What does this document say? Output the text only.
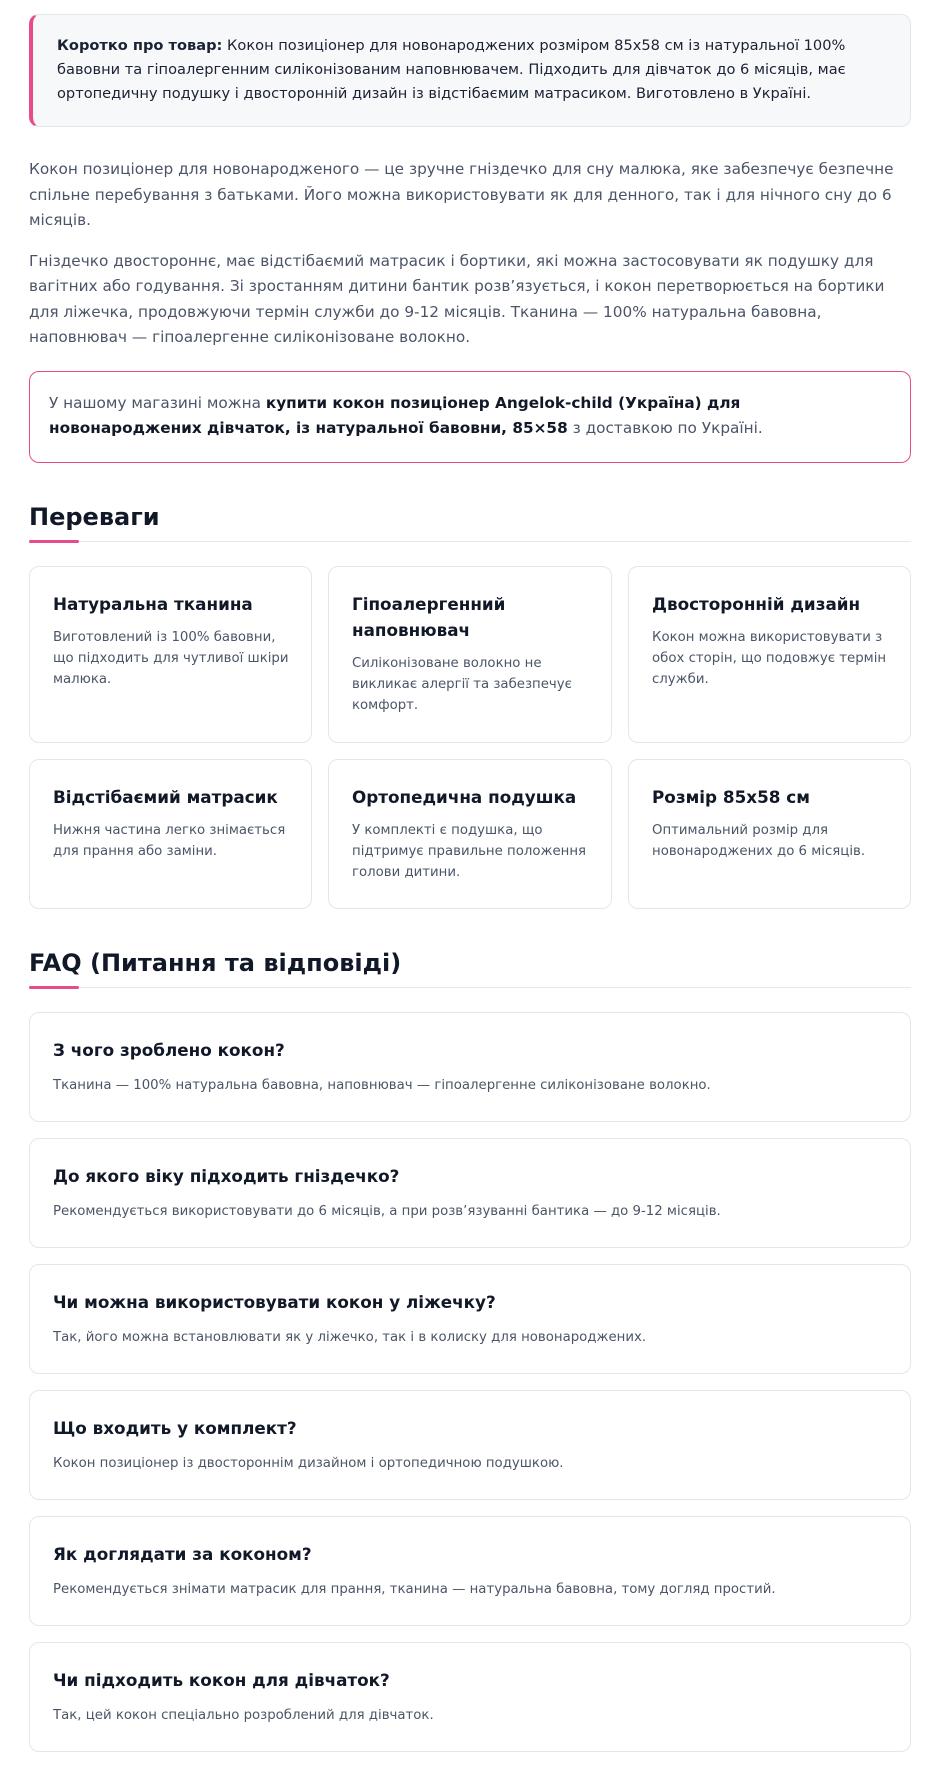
Коротко про товар: Кокон позиціонер для новонароджених розміром 85х58 см із натуральної 100% бавовни та гіпоалергенним силіконізованим наповнювачем. Підходить для дівчаток до 6 місяців, має ортопедичну подушку і двосторонній дизайн із відстібаємим матрасиком. Виготовлено в Україні.

Кокон позиціонер для новонародженого — це зручне гніздечко для сну малюка, яке забезпечує безпечне спільне перебування з батьками. Його можна використовувати як для денного, так і для нічного сну до 6 місяців.

Гніздечко двостороннє, має відстібаємий матрасик і бортики, які можна застосовувати як подушку для вагітних або годування. Зі зростанням дитини бантик розв’язується, і кокон перетворюється на бортики для ліжечка, продовжуючи термін служби до 9-12 місяців. Тканина — 100% натуральна бавовна, наповнювач — гіпоалергенне силіконізоване волокно.

У нашому магазині можна купити кокон позиціонер Angelok-child (Україна) для новонароджених дівчаток, із натуральної бавовни, 85×58 з доставкою по Україні.
Переваги
Натуральна тканина

Виготовлений із 100% бавовни, що підходить для чутливої шкіри малюка.

Гіпоалергенний наповнювач

Силіконізоване волокно не викликає алергії та забезпечує комфорт.

Двосторонній дизайн

Кокон можна використовувати з обох сторін, що подовжує термін служби.

Відстібаємий матрасик

Нижня частина легко знімається для прання або заміни.

Ортопедична подушка

У комплекті є подушка, що підтримує правильне положення голови дитини.

Розмір 85х58 см

Оптимальний розмір для новонароджених до 6 місяців.

FAQ (Питання та відповіді)
З чого зроблено кокон?

Тканина — 100% натуральна бавовна, наповнювач — гіпоалергенне силіконізоване волокно.

До якого віку підходить гніздечко?

Рекомендується використовувати до 6 місяців, а при розв’язуванні бантика — до 9-12 місяців.

Чи можна використовувати кокон у ліжечку?

Так, його можна встановлювати як у ліжечко, так і в колиску для новонароджених.

Що входить у комплект?

Кокон позиціонер із двостороннім дизайном і ортопедичною подушкою.

Як доглядати за коконом?

Рекомендується знімати матрасик для прання, тканина — натуральна бавовна, тому догляд простий.

Чи підходить кокон для дівчаток?

Так, цей кокон спеціально розроблений для дівчаток.
